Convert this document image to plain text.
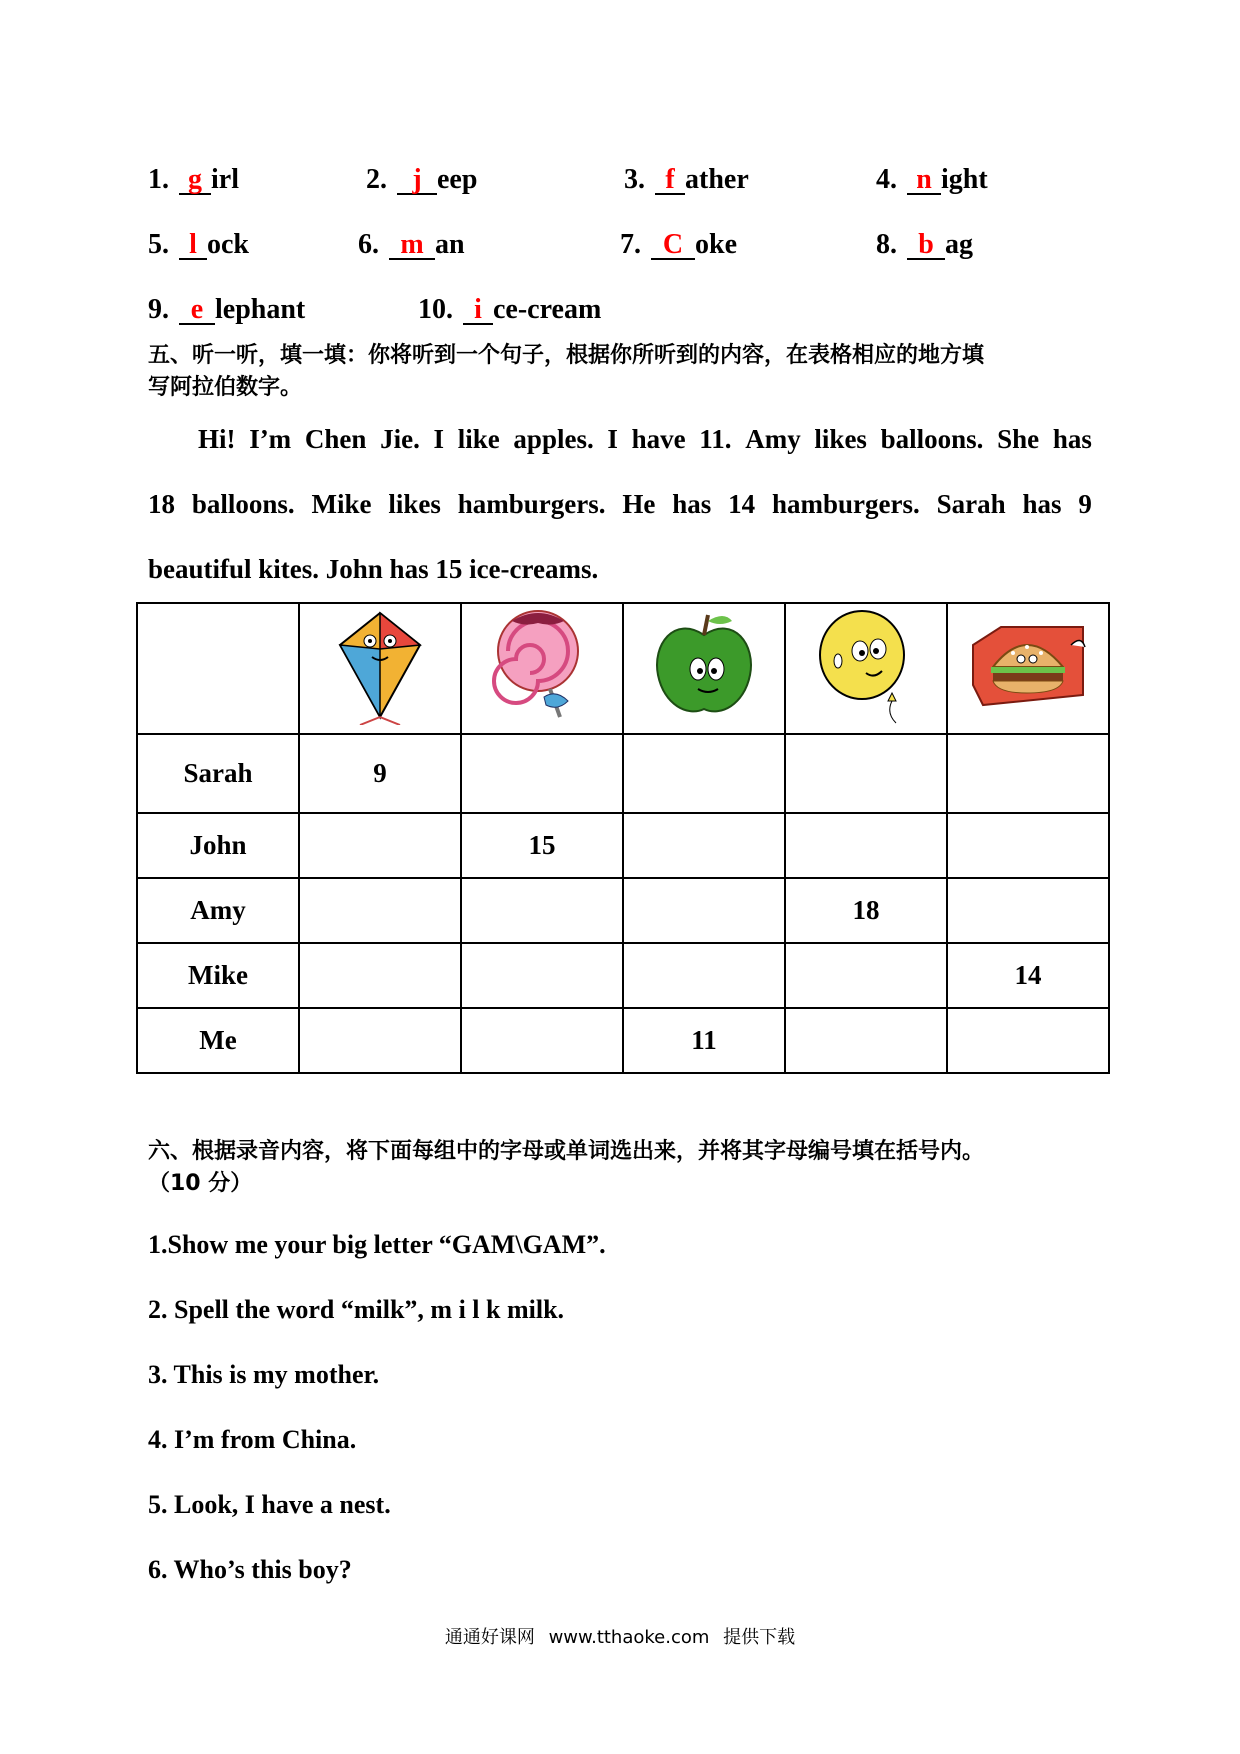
1. g irl	2. j eep	3. f ather	4. n ight
5. l ock	6. m an	7. C oke	8. b ag
9. e lephant	10. i ce-cream
五、听一听，填一填：你将听到一个句子，根据你所听到的内容，在表格相应的地方填
写阿拉伯数字。
Hi! I’m Chen Jie. I like apples. I have 11. Amy likes balloons. She has
18 balloons. Mike likes hamburgers. He has 14 hamburgers. Sarah has 9
beautiful kites. John has 15 ice-creams.

Sarah	9				
John		15			
Amy				18	
Mike					14
Me			11		
六、根据录音内容，将下面每组中的字母或单词选出来，并将其字母编号填在括号内。
（10 分）
1.Show me your big letter “GAM\GAM”.
2. Spell the word “milk”, m i l k milk.
3. This is my mother.
4. I’m from China.
5. Look, I have a nest.
6. Who’s this boy?
通通好课网 www.tthaoke.com 提供下载
